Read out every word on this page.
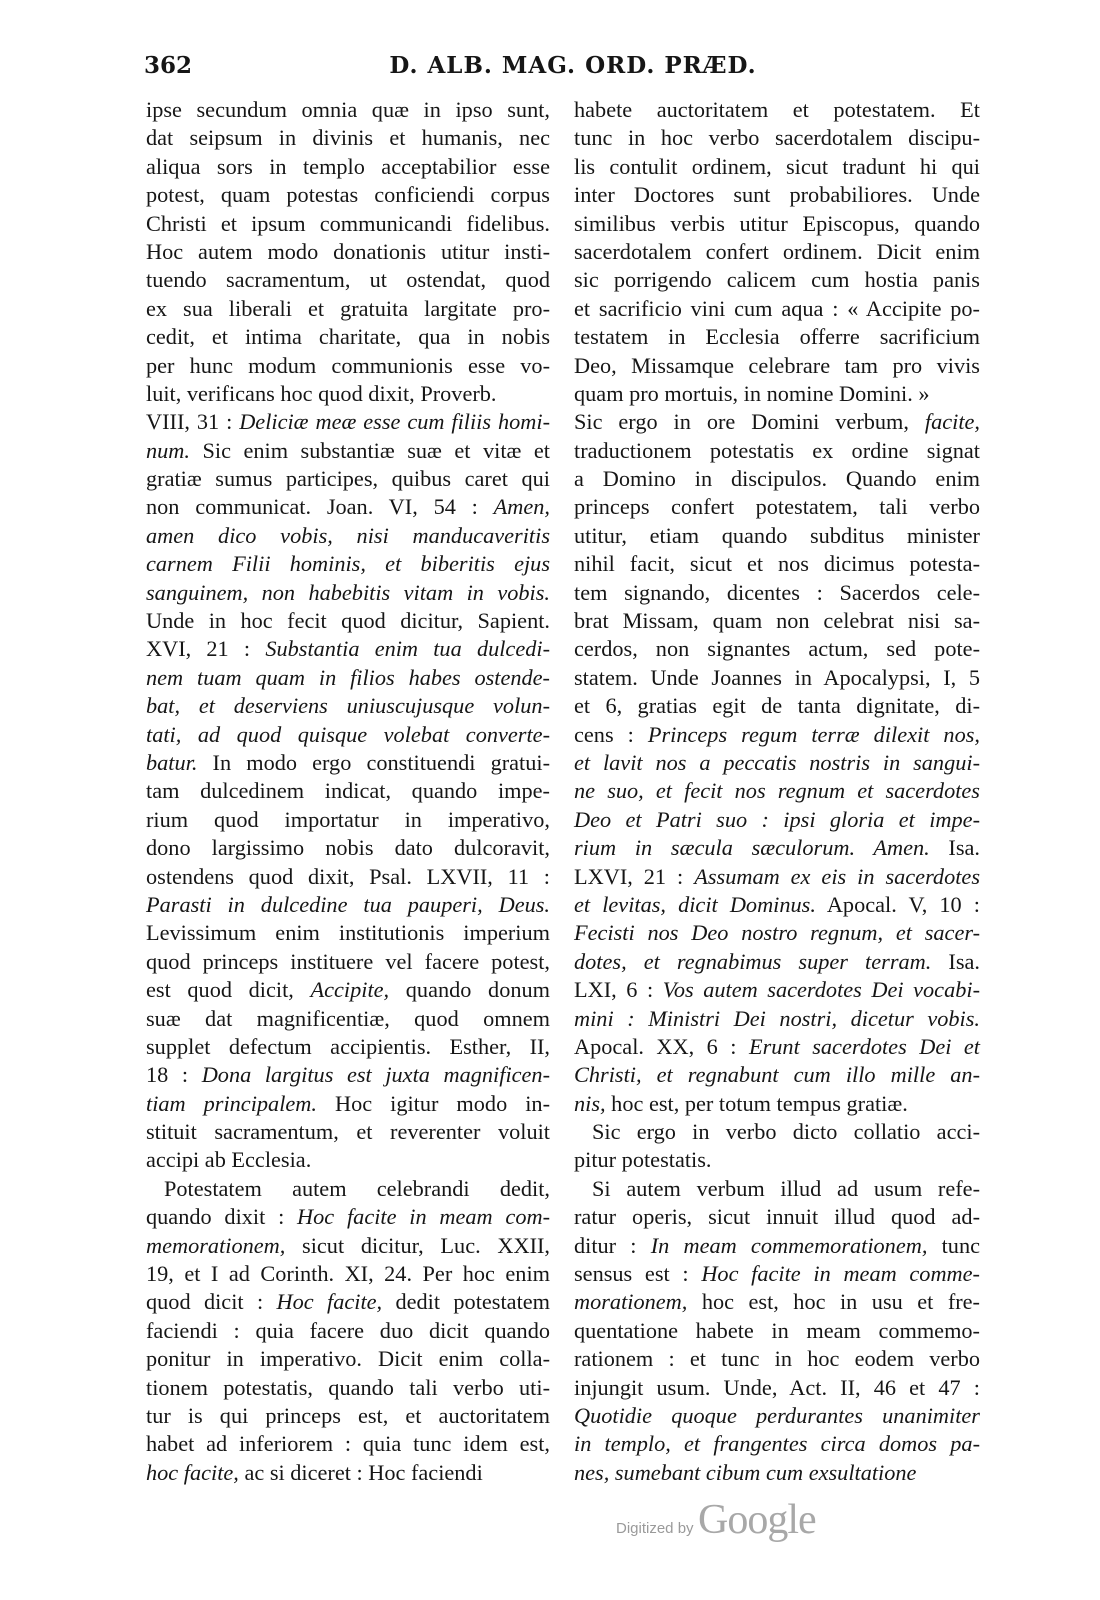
362	D. ALB. MAG. ORD. PRÆD.
ipse secundum omnia quæ in ipso sunt,
dat seipsum in divinis et humanis, nec
aliqua sors in templo acceptabilior esse
potest, quam potestas conficiendi corpus
Christi et ipsum communicandi fidelibus.
Hoc autem modo donationis utitur insti-
tuendo sacramentum, ut ostendat, quod
ex sua liberali et gratuita largitate pro-
cedit, et intima charitate, qua in nobis
per hunc modum communionis esse vo-
luit, verificans hoc quod dixit, Proverb.
VIII, 31 : Deliciæ meæ esse cum filiis homi-
num. Sic enim substantiæ suæ et vitæ et
gratiæ sumus participes, quibus caret qui
non communicat. Joan. VI, 54 : Amen,
amen dico vobis, nisi manducaveritis
carnem Filii hominis, et biberitis ejus
sanguinem, non habebitis vitam in vobis.
Unde in hoc fecit quod dicitur, Sapient.
XVI, 21 : Substantia enim tua dulcedi-
nem tuam quam in filios habes ostende-
bat, et deserviens uniuscujusque volun-
tati, ad quod quisque volebat converte-
batur. In modo ergo constituendi gratui-
tam dulcedinem indicat, quando impe-
rium quod importatur in imperativo,
dono largissimo nobis dato dulcoravit,
ostendens quod dixit, Psal. LXVII, 11 :
Parasti in dulcedine tua pauperi, Deus.
Levissimum enim institutionis imperium
quod princeps instituere vel facere potest,
est quod dicit, Accipite, quando donum
suæ dat magnificentiæ, quod omnem
supplet defectum accipientis. Esther, II,
18 : Dona largitus est juxta magnificen-
tiam principalem. Hoc igitur modo in-
stituit sacramentum, et reverenter voluit
accipi ab Ecclesia.
Potestatem autem celebrandi dedit,
quando dixit : Hoc facite in meam com-
memorationem, sicut dicitur, Luc. XXII,
19, et I ad Corinth. XI, 24. Per hoc enim
quod dicit : Hoc facite, dedit potestatem
faciendi : quia facere duo dicit quando
ponitur in imperativo. Dicit enim colla-
tionem potestatis, quando tali verbo uti-
tur is qui princeps est, et auctoritatem
habet ad inferiorem : quia tunc idem est,
hoc facite, ac si diceret : Hoc faciendi
habete auctoritatem et potestatem. Et
tunc in hoc verbo sacerdotalem discipu-
lis contulit ordinem, sicut tradunt hi qui
inter Doctores sunt probabiliores. Unde
similibus verbis utitur Episcopus, quando
sacerdotalem confert ordinem. Dicit enim
sic porrigendo calicem cum hostia panis
et sacrificio vini cum aqua : « Accipite po-
testatem in Ecclesia offerre sacrificium
Deo, Missamque celebrare tam pro vivis
quam pro mortuis, in nomine Domini. »
Sic ergo in ore Domini verbum, facite,
traductionem potestatis ex ordine signat
a Domino in discipulos. Quando enim
princeps confert potestatem, tali verbo
utitur, etiam quando subditus minister
nihil facit, sicut et nos dicimus potesta-
tem signando, dicentes : Sacerdos cele-
brat Missam, quam non celebrat nisi sa-
cerdos, non signantes actum, sed pote-
statem. Unde Joannes in Apocalypsi, I, 5
et 6, gratias egit de tanta dignitate, di-
cens : Princeps regum terræ dilexit nos,
et lavit nos a peccatis nostris in sangui-
ne suo, et fecit nos regnum et sacerdotes
Deo et Patri suo : ipsi gloria et impe-
rium in sæcula sæculorum. Amen. Isa.
LXVI, 21 : Assumam ex eis in sacerdotes
et levitas, dicit Dominus. Apocal. V, 10 :
Fecisti nos Deo nostro regnum, et sacer-
dotes, et regnabimus super terram. Isa.
LXI, 6 : Vos autem sacerdotes Dei vocabi-
mini : Ministri Dei nostri, dicetur vobis.
Apocal. XX, 6 : Erunt sacerdotes Dei et
Christi, et regnabunt cum illo mille an-
nis, hoc est, per totum tempus gratiæ.
Sic ergo in verbo dicto collatio acci-
pitur potestatis.
Si autem verbum illud ad usum refe-
ratur operis, sicut innuit illud quod ad-
ditur : In meam commemorationem, tunc
sensus est : Hoc facite in meam comme-
morationem, hoc est, hoc in usu et fre-
quentatione habete in meam commemo-
rationem : et tunc in hoc eodem verbo
injungit usum. Unde, Act. II, 46 et 47 :
Quotidie quoque perdurantes unanimiter
in templo, et frangentes circa domos pa-
nes, sumebant cibum cum exsultatione
Digitized by Google
